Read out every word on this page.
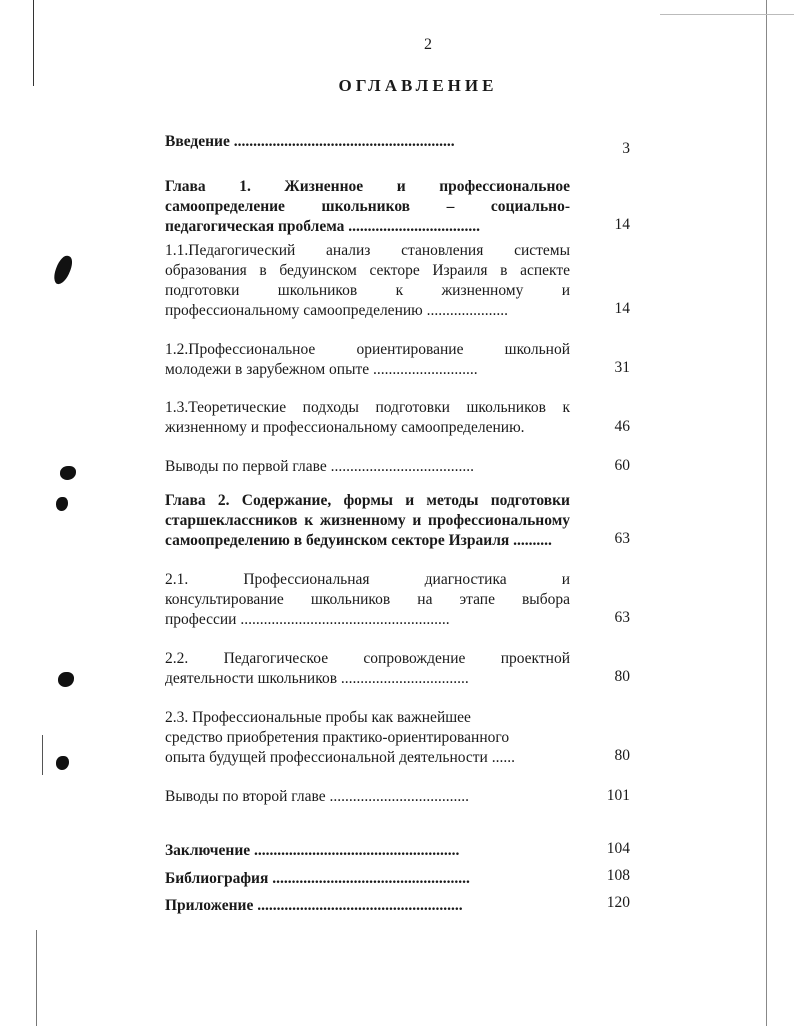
2
ОГЛАВЛЕНИЕ
Введение .........................................................	3
Глава 1. Жизненное и профессиональное
самоопределение школьников – социально-
педагогическая проблема ..................................	14
1.1.Педагогический анализ становления системы
образования в бедуинском секторе Израиля в аспекте
подготовки школьников к жизненному и
профессиональному самоопределению .....................	14
1.2.Профессиональное ориентирование школьной
молодежи в зарубежном опыте ...........................	31
1.3.Теоретические подходы подготовки школьников к
жизненному и профессиональному самоопределению.	46
Выводы по первой главе .....................................	60
Глава 2. Содержание, формы и методы подготовки
старшеклассников к жизненному и профессиональному
самоопределению в бедуинском секторе Израиля ..........	63
2.1. Профессиональная диагностика и
консультирование школьников на этапе выбора
профессии ......................................................	63
2.2. Педагогическое сопровождение проектной
деятельности школьников .................................	80
2.3. Профессиональные пробы как важнейшее
средство приобретения практико-ориентированного
опыта будущей профессиональной деятельности ......	80
Выводы по второй главе ....................................	101
Заключение .....................................................	104
Библиография ...................................................	108
Приложение .....................................................	120
